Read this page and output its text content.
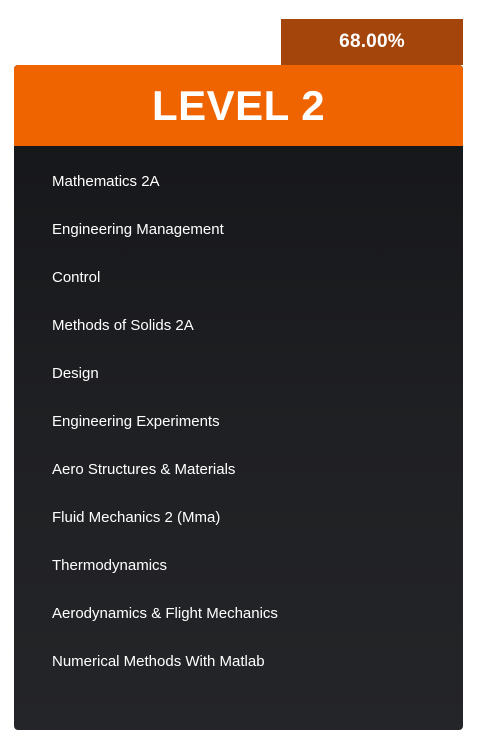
68.00%
LEVEL 2
Mathematics 2A
Engineering Management
Control
Methods of Solids 2A
Design
Engineering Experiments
Aero Structures & Materials
Fluid Mechanics 2 (Mma)
Thermodynamics
Aerodynamics & Flight Mechanics
Numerical Methods With Matlab
